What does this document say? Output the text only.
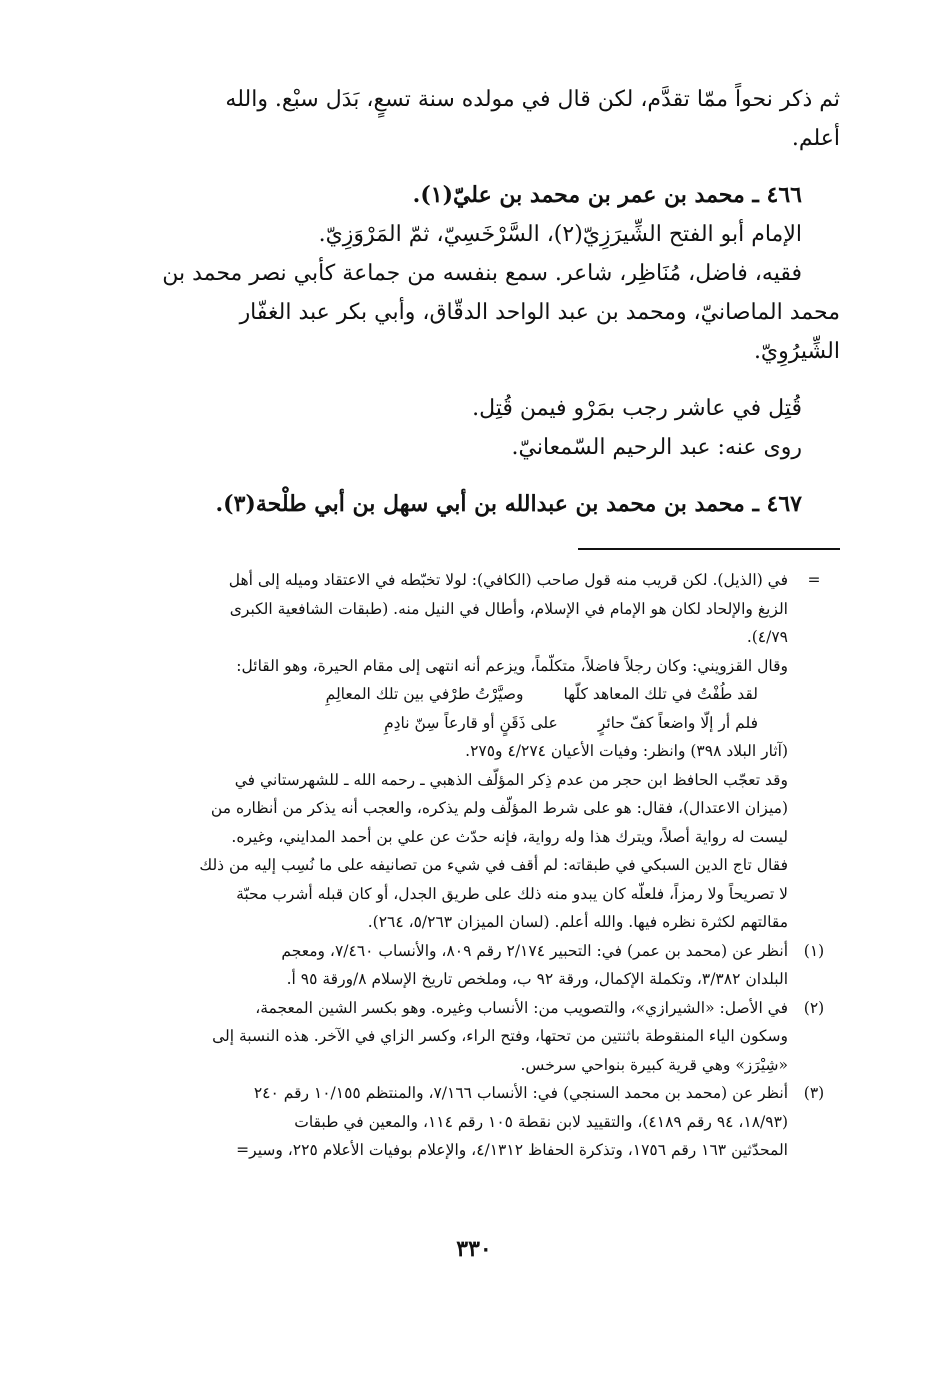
ثم ذكر نحواً ممّا تقدَّم، لكن قال في مولده سنة تسعٍ، بَدَل سبْع. والله
أعلم.
٤٦٦ ـ محمد بن عمر بن محمد بن عليّ(١).
الإمام أبو الفتح الشِّيرَزِيّ(٢)، السَّرْخَسِيّ، ثمّ المَرْوَزِيّ.
فقيه، فاضل، مُنَاظِر، شاعر. سمع بنفسه من جماعة كأبي نصر محمد بن
محمد الماصانيّ، ومحمد بن عبد الواحد الدقّاق، وأبي بكر عبد الغفّار
الشِّيرُوِيّ.
قُتِل في عاشر رجب بمَرْو فيمن قُتِل.
روى عنه: عبد الرحيم السّمعانيّ.
٤٦٧ ـ محمد بن محمد بن عبدالله بن أبي سهل بن أبي طلْحة(٣).
=
في (الذيل). لكن قريب منه قول صاحب (الكافي): لولا تخبّطه في الاعتقاد وميله إلى أهل
الزيغ والإلحاد لكان هو الإمام في الإسلام، وأطال في النيل منه. (طبقات الشافعية الكبرى
٤/٧٩).
وقال القزويني: وكان رجلاً فاضلاً، متكلّماً، ويزعم أنه انتهى إلى مقام الحيرة، وهو القائل:
لقد طُفْتُ في تلك المعاهد كلّها
وصيَّرْتُ طرْفي بين تلك المعالِمِ
فلم أر إلّا واضعاً كفّ حائرٍ
على ذَقَنٍ أو قارعاً سِنّ نادِمِ
(آثار البلاد ٣٩٨) وانظر: وفيات الأعيان ٤/٢٧٤ و٢٧٥.
وقد تعجّب الحافظ ابن حجر من عدم ذِكر المؤلّف الذهبي ـ رحمه الله ـ للشهرستاني في
(ميزان الاعتدال)، فقال: هو على شرط المؤلّف ولم يذكره، والعجب أنه يذكر من أنظاره من
ليست له رواية أصلاً، ويترك هذا وله رواية، فإنه حدّث عن علي بن أحمد المدايني، وغيره.
فقال تاج الدين السبكي في طبقاته: لم أقف في شيء من تصانيفه على ما نُسِب إليه من ذلك
لا تصريحاً ولا رمزاً، فلعلّه كان يبدو منه ذلك على طريق الجدل، أو كان قبله أشرب محبّة
مقالتهم لكثرة نظره فيها. والله أعلم. (لسان الميزان ٥/٢٦٣، ٢٦٤).
(١)
أنظر عن (محمد بن عمر) في: التحبير ٢/١٧٤ رقم ٨٠٩، والأنساب ٧/٤٦٠، ومعجم
البلدان ٣/٣٨٢، وتكملة الإكمال، ورقة ٩٢ ب، وملخص تاريخ الإسلام ٨/ورقة ٩٥ أ.
(٢)
في الأصل: «الشيرازي»، والتصويب من: الأنساب وغيره. وهو بكسر الشين المعجمة،
وسكون الياء المنقوطة باثنتين من تحتها، وفتح الراء، وكسر الزاي في الآخر. هذه النسبة إلى
«شِيْرَز» وهي قرية كبيرة بنواحي سرخس.
(٣)
أنظر عن (محمد بن محمد السنجي) في: الأنساب ٧/١٦٦، والمنتظم ١٠/١٥٥ رقم ٢٤٠
(١٨/٩٣، ٩٤ رقم ٤١٨٩)، والتقييد لابن نقطة ١٠٥ رقم ١١٤، والمعين في طبقات
المحدّثين ١٦٣ رقم ١٧٥٦، وتذكرة الحفاظ ٤/١٣١٢، والإعلام بوفيات الأعلام ٢٢٥، وسير=
٣٣٠
